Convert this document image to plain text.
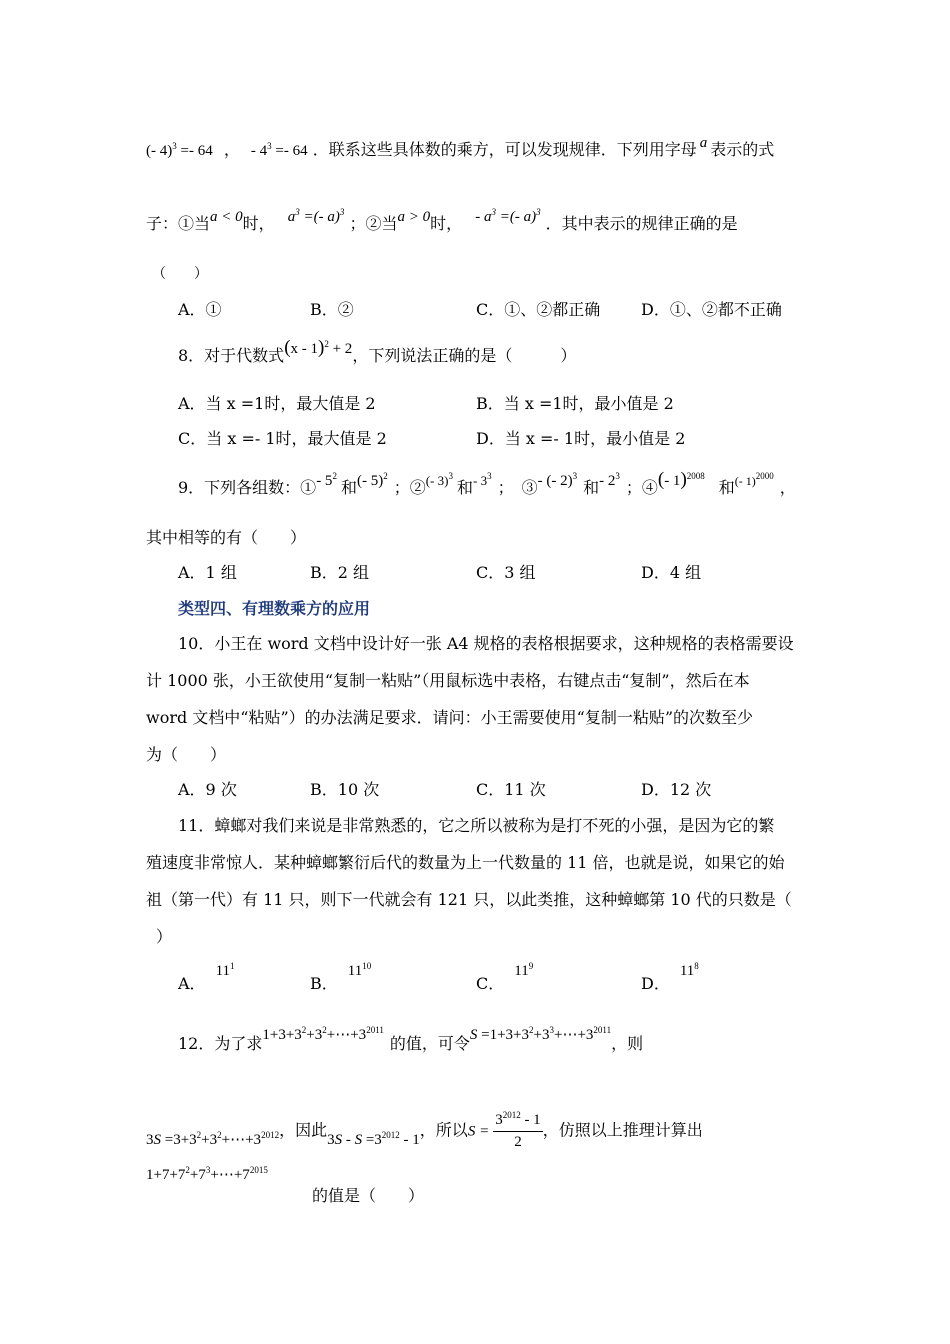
(- 4)$^3$ =- 64 ， - $4^3 =- 64$ ．联系这些具体数的乘方，可以发现规律．下列用字母 a 表示的式
子：①当a < 0时， $a^3$ =(- a)$^3$ ；②当a > 0时， - $a^3$ =(- a)$^3$ ．其中表示的规律正确的是
（　　）
A．①	B．②	C．①、②都正确	D．①、②都不正确
8．对于代数式(x - 1)$^2$ + 2，下列说法正确的是（　　　）
A．当 x =1时，最大值是 2	B．当 x =1时，最小值是 2
C．当 x =- 1时，最大值是 2	D．当 x =- 1时，最小值是 2
9．下列各组数：①- $5^2$和(- 5)$^2$；②$^{(- 3)^3}$和$^{- 3^3}$；　③- (- 2)$^3$和- $2^3$；④(- 1)$^{2008}$和$^{(- 1)^{2000}}$，
其中相等的有（　　）
A．1 组	B．2 组	C．3 组	D．4 组
类型四、有理数乘方的应用
10．小王在 word 文档中设计好一张 A4 规格的表格根据要求，这种规格的表格需要设
计 1000 张，小王欲使用“复制一粘贴”（用鼠标选中表格，右键点击“复制”，然后在本
word 文档中“粘贴”）的办法满足要求．请问：小王需要使用“复制一粘贴”的次数至少
为（　　）
A．9 次	B．10 次	C．11 次	D．12 次
11．蟑螂对我们来说是非常熟悉的，它之所以被称为是打不死的小强，是因为它的繁
殖速度非常惊人．某种蟑螂繁衍后代的数量为上一代数量的 11 倍，也就是说，如果它的始
祖（第一代）有 11 只，则下一代就会有 121 只，以此类推，这种蟑螂第 10 代的只数是（
）
A．$11^1$
B．$11^{10}$
C．$11^9$
D．$11^8$
12．为了求$1+3+3^2+3^2+\cdots+3^{2011}$的值，可令$S =1+3+3^2+3^3+\cdots+3^{2011}$，则
$3S =3+3^2+3^2+\cdots+3^{2012}$，因此$3S - S =3^{2012} - 1$，所以$S = \frac{3^{2012} - 1}{2}$ ，仿照以上推理计算出
$1+7+7^2+7^3+\cdots+7^{2015}$
的值是（　　）
